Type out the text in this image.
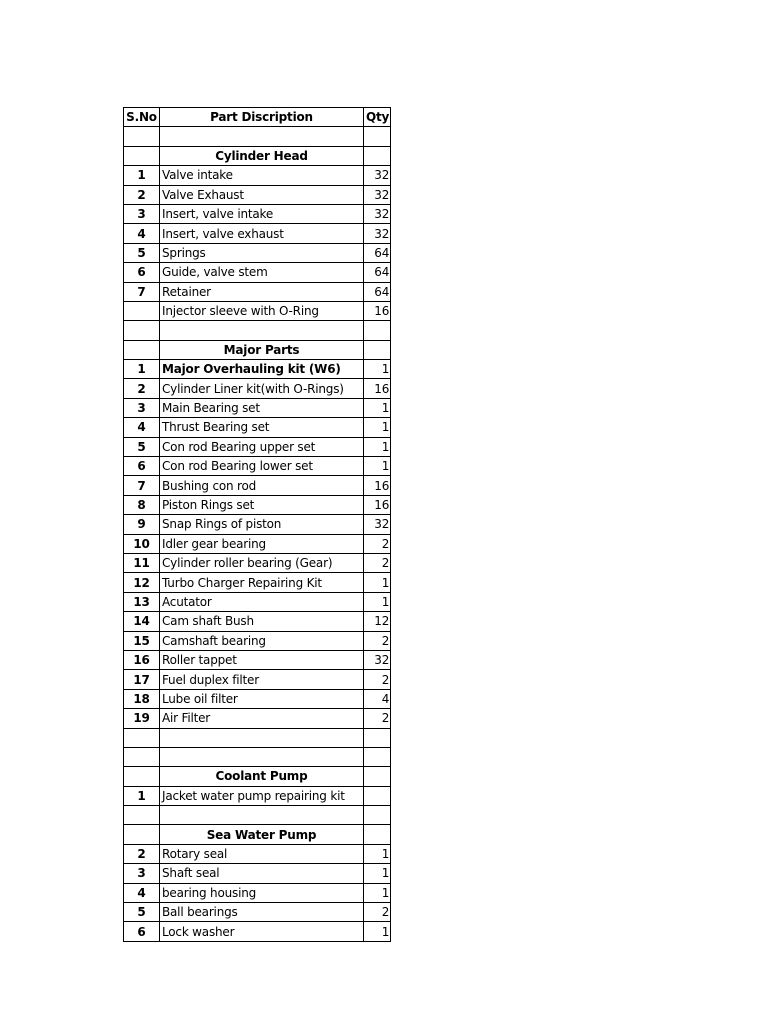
S.No	Part Discription	Qty

	Cylinder Head	
1	Valve intake	32
2	Valve Exhaust	32
3	Insert, valve intake	32
4	Insert, valve exhaust	32
5	Springs	64
6	Guide, valve stem	64
7	Retainer	64
	Injector sleeve with O-Ring	16

	Major Parts	
1	Major Overhauling kit (W6)	1
2	Cylinder Liner kit(with O-Rings)	16
3	Main Bearing set	1
4	Thrust Bearing set	1
5	Con rod Bearing upper set	1
6	Con rod Bearing lower set	1
7	Bushing con rod	16
8	Piston Rings set	16
9	Snap Rings of piston	32
10	Idler gear bearing	2
11	Cylinder roller bearing (Gear)	2
12	Turbo Charger Repairing Kit	1
13	Acutator	1
14	Cam shaft Bush	12
15	Camshaft bearing	2
16	Roller tappet	32
17	Fuel duplex filter	2
18	Lube oil filter	4
19	Air Filter	2

	Coolant Pump	
1	Jacket water pump repairing kit	

	Sea Water Pump	
2	Rotary seal	1
3	Shaft seal	1
4	bearing housing	1
5	Ball bearings	2
6	Lock washer	1
